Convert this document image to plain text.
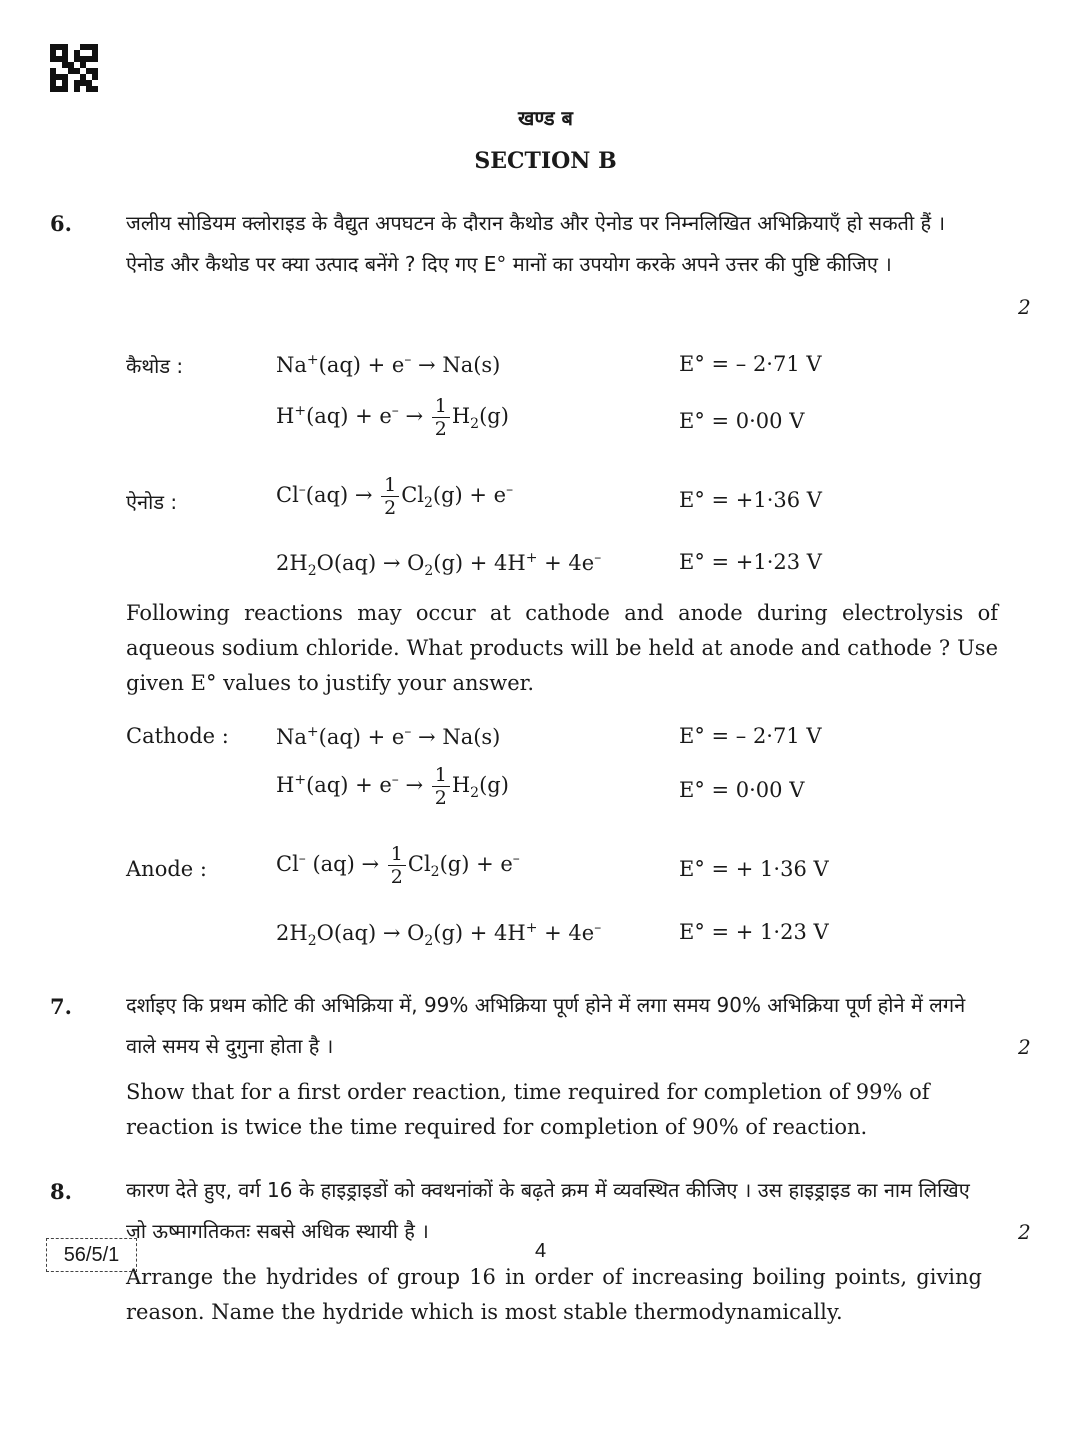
खण्ड ब
SECTION B
6.	जलीय सोडियम क्लोराइड के वैद्युत अपघटन के दौरान कैथोड और ऐनोड पर निम्नलिखित अभिक्रियाएँ हो सकती हैं । ऐनोड और कैथोड पर क्या उत्पाद बनेंगे ? दिए गए E° मानों का उपयोग करके अपने उत्तर की पुष्टि कीजिए ।

2
कैथोड :	Na+(aq) + e– → Na(s)	E° = – 2·71 V
$H^+(aq) + e^- \to \frac{1}{2} H_2(g)$	E° = 0·00 V
ऐनोड :	$Cl^-(aq) \to \frac{1}{2} Cl_2(g) + e^-$	E° = +1·36 V
$2H_2O(aq) \to O_2(g) + 4H^+ + 4e^-$	E° = +1·23 V

Following reactions may occur at cathode and anode during electrolysis of aqueous sodium chloride. What products will be held at anode and cathode ? Use given E° values to justify your answer.

Cathode : Na+(aq) + e– → Na(s)	E° = – 2·71 V
$H^+(aq) + e^- \to \frac{1}{2} H_2(g)$	E° = 0·00 V
Anode :	Cl– $(aq) \to \frac{1}{2} Cl_2(g) + e^-$	E° = + 1·36 V
$2H_2O(aq) \to O_2(g) + 4H^+ + 4e^-$	E° = + 1·23 V
7.	दर्शाइए कि प्रथम कोटि की अभिक्रिया में, 99% अभिक्रिया पूर्ण होने में लगा समय 90% अभिक्रिया पूर्ण होने में लगने वाले समय से दुगुना होता है ।	2

Show that for a first order reaction, time required for completion of 99% of reaction is twice the time required for completion of 90% of reaction.

8.	कारण देते हुए, वर्ग 16 के हाइड्राइडों को क्वथनांकों के बढ़ते क्रम में व्यवस्थित कीजिए । उस हाइड्राइड का नाम लिखिए जो ऊष्मागतिकतः सबसे अधिक स्थायी है ।	2

Arrange the hydrides of group 16 in order of increasing boiling points, giving reason. Name the hydride which is most stable thermodynamically.

56/5/1	4
